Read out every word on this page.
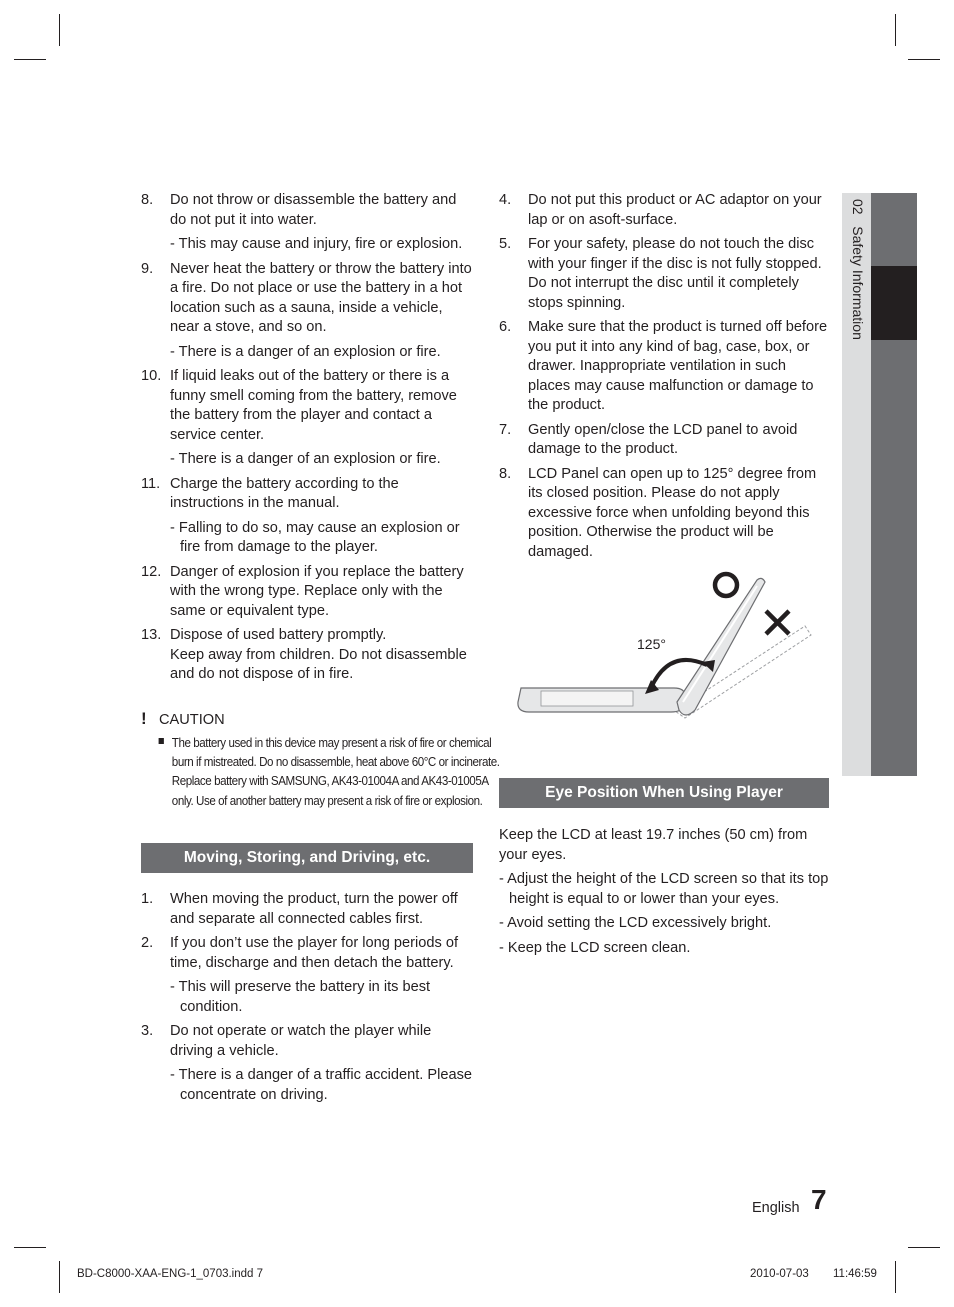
02   Safety Information
8. Do not throw or disassemble the battery and do not put it into water.
- This may cause and injury, fire or explosion.
9. Never heat the battery or throw the battery into a fire. Do not place or use the battery in a hot location such as a sauna, inside a vehicle, near a stove, and so on.
- There is a danger of an explosion or fire.
10. If liquid leaks out of the battery or there is a funny smell coming from the battery, remove the battery from the player and contact a service center.
- There is a danger of an explosion or fire.
11. Charge the battery according to the instructions in the manual.
- Falling to do so, may cause an explosion or fire from damage to the player.
12. Danger of explosion if you replace the battery with the wrong type. Replace only with the same or equivalent type.
13. Dispose of used battery promptly.
Keep away from children. Do not disassemble and do not dispose of in fire.
! CAUTION
The battery used in this device may present a risk of fire or chemical burn if mistreated. Do no disassemble, heat above 60°C or incinerate. Replace battery with SAMSUNG, AK43-01004A and AK43-01005A only. Use of another battery may present a risk of fire or explosion.
Moving, Storing, and Driving, etc.
1. When moving the product, turn the power off and separate all connected cables first.
2. If you don’t use the player for long periods of time, discharge and then detach the battery.
- This will preserve the battery in its best condition.
3. Do not operate or watch the player while driving a vehicle.
- There is a danger of a traffic accident. Please concentrate on driving.
4. Do not put this product or AC adaptor on your lap or on asoft-surface.
5. For your safety, please do not touch the disc with your finger if the disc is not fully stopped. Do not interrupt the disc until it completely stops spinning.
6. Make sure that the product is turned off before you put it into any kind of bag, case, box, or drawer. Inappropriate ventilation in such places may cause malfunction or damage to the product.
7. Gently open/close the LCD panel to avoid damage to the product.
8. LCD Panel can open up to 125° degree from its closed position. Please do not apply excessive force when unfolding beyond this position. Otherwise the product will be damaged.
125°
Eye Position When Using Player
Keep the LCD at least 19.7 inches (50 cm) from your eyes.
- Adjust the height of the LCD screen so that its top height is equal to or lower than your eyes.
- Avoid setting the LCD excessively bright.
- Keep the LCD screen clean.
English 7
BD-C8000-XAA-ENG-1_0703.indd 7	2010-07-03 11:46:59
